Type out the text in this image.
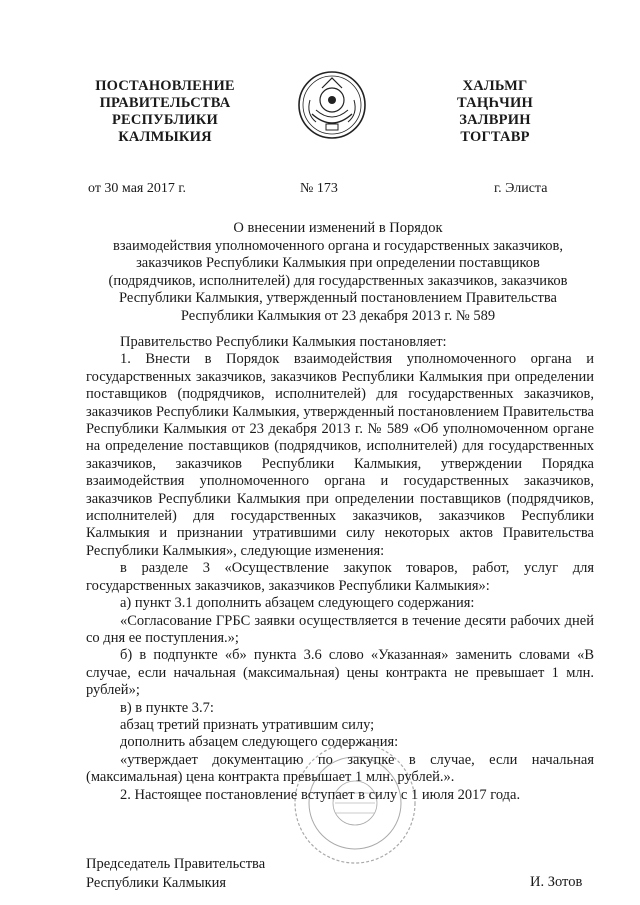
ПОСТАНОВЛЕНИЕ
ПРАВИТЕЛЬСТВА
РЕСПУБЛИКИ
КАЛМЫКИЯ
ХАЛЬМГ
ТАҢҺЧИН
ЗАЛВРИН
ТОГТАВР
от 30 мая 2017 г.	№ 173	г. Элиста
О внесении изменений в Порядок
взаимодействия уполномоченного органа и государственных заказчиков,
заказчиков Республики Калмыкия при определении поставщиков
(подрядчиков, исполнителей) для государственных заказчиков, заказчиков
Республики Калмыкия, утвержденный постановлением Правительства
Республики Калмыкия от 23 декабря 2013 г. № 589

Правительство Республики Калмыкия постановляет:

1. Внести в Порядок взаимодействия уполномоченного органа и государственных заказчиков, заказчиков Республики Калмыкия при определении поставщиков (подрядчиков, исполнителей) для государственных заказчиков, заказчиков Республики Калмыкия, утвержденный постановлением Правительства Республики Калмыкия от 23 декабря 2013 г. № 589 «Об уполномоченном органе на определение поставщиков (подрядчиков, исполнителей) для государственных заказчиков, заказчиков Республики Калмыкия, утверждении Порядка взаимодействия уполномоченного органа и государственных заказчиков, заказчиков Республики Калмыкия при определении поставщиков (подрядчиков, исполнителей) для государственных заказчиков, заказчиков Республики Калмыкия и признании утратившими силу некоторых актов Правительства Республики Калмыкия», следующие изменения:

в разделе 3 «Осуществление закупок товаров, работ, услуг для государственных заказчиков, заказчиков Республики Калмыкия»:

а) пункт 3.1 дополнить абзацем следующего содержания:

«Согласование ГРБС заявки осуществляется в течение десяти рабочих дней со дня ее поступления.»;

б) в подпункте «б» пункта 3.6 слово «Указанная» заменить словами «В случае, если начальная (максимальная) цены контракта не превышает 1 млн. рублей»;

в) в пункте 3.7:

абзац третий признать утратившим силу;

дополнить абзацем следующего содержания:

«утверждает документацию по закупке в случае, если начальная (максимальная) цена контракта превышает 1 млн. рублей.».

2. Настоящее постановление вступает в силу с 1 июля 2017 года.

Председатель Правительства
Республики Калмыкия	И. Зотов
